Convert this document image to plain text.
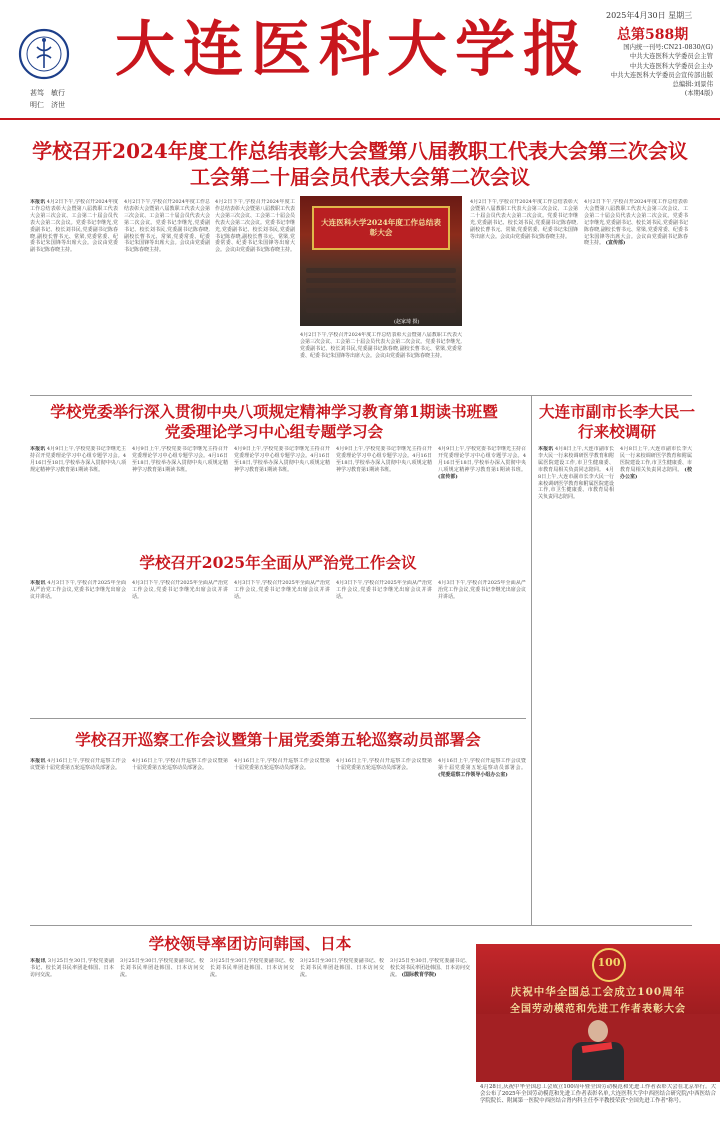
甚笃　敏行
明仁　济世
大连医科大学报 2025年4月30日 星期三
总第588期
国内统一刊号:CN21-0830/(G)
中共大连医科大学委员会主管
中共大连医科大学委员会主办
中共大连医科大学委员会宣传部出版
总编辑:刘景伟
(本期4版)
学校召开2024年度工作总结表彰大会暨第八届教职工代表大会第三次会议 工会第二十届会员代表大会第二次会议
本报讯 4月2日下午,学校召开2024年度工作总结表彰大会暨第八届教职工代表大会第三次会议、工会第二十届会员代表大会第二次会议。党委书记李继光,党委副书记、校长刘书民,党委副书记陈春晓,副校长曹书元、常梁,党委常委、纪委书记朱国锋等出席大会。会议由党委副书记陈春晓主持。
4月2日下午,学校召开2024年度工作总结表彰大会暨第八届教职工代表大会第三次会议、工会第二十届会员代表大会第二次会议。党委书记李继光,党委副书记、校长刘书民,党委副书记陈春晓,副校长曹书元、常梁,党委常委、纪委书记朱国锋等出席大会。会议由党委副书记陈春晓主持。
4月2日下午,学校召开2024年度工作总结表彰大会暨第八届教职工代表大会第三次会议、工会第二十届会员代表大会第二次会议。党委书记李继光,党委副书记、校长刘书民,党委副书记陈春晓,副校长曹书元、常梁,党委常委、纪委书记朱国锋等出席大会。会议由党委副书记陈春晓主持。
大连医科大学2024年度工作总结表彰大会
(赵家琦 摄)
4月2日下午,学校召开2024年度工作总结表彰大会暨第八届教职工代表大会第三次会议、工会第二十届会员代表大会第二次会议。党委书记李继光,党委副书记、校长刘书民,党委副书记陈春晓,副校长曹书元、常梁,党委常委、纪委书记朱国锋等出席大会。会议由党委副书记陈春晓主持。
4月2日下午,学校召开2024年度工作总结表彰大会暨第八届教职工代表大会第三次会议、工会第二十届会员代表大会第二次会议。党委书记李继光,党委副书记、校长刘书民,党委副书记陈春晓,副校长曹书元、常梁,党委常委、纪委书记朱国锋等出席大会。会议由党委副书记陈春晓主持。
4月2日下午,学校召开2024年度工作总结表彰大会暨第八届教职工代表大会第三次会议、工会第二十届会员代表大会第二次会议。党委书记李继光,党委副书记、校长刘书民,党委副书记陈春晓,副校长曹书元、常梁,党委常委、纪委书记朱国锋等出席大会。会议由党委副书记陈春晓主持。 (宣传部)
学校党委举行深入贯彻中央八项规定精神学习教育第1期读书班暨党委理论学习中心组专题学习会
本报讯 4月9日上午,学校党委书记李继光主持召开党委理论学习中心组专题学习会。4月16日至18日,学校举办深入贯彻中央八项规定精神学习教育第1期读书班。
4月9日上午,学校党委书记李继光主持召开党委理论学习中心组专题学习会。4月16日至18日,学校举办深入贯彻中央八项规定精神学习教育第1期读书班。
4月9日上午,学校党委书记李继光主持召开党委理论学习中心组专题学习会。4月16日至18日,学校举办深入贯彻中央八项规定精神学习教育第1期读书班。
4月9日上午,学校党委书记李继光主持召开党委理论学习中心组专题学习会。4月16日至18日,学校举办深入贯彻中央八项规定精神学习教育第1期读书班。
4月9日上午,学校党委书记李继光主持召开党委理论学习中心组专题学习会。4月16日至18日,学校举办深入贯彻中央八项规定精神学习教育第1期读书班。 (宣传部)
大连市副市长李大民一行来校调研
本报讯 4月8日上午,大连市副市长李大民一行来校调研医学教育和附属医院建设工作,市卫生健康委、市教育局相关负责同志陪同。 4月8日上午,大连市副市长李大民一行来校调研医学教育和附属医院建设工作,市卫生健康委、市教育局相关负责同志陪同。
4月8日上午,大连市副市长李大民一行来校调研医学教育和附属医院建设工作,市卫生健康委、市教育局相关负责同志陪同。 (校办公室)
学校召开2025年全面从严治党工作会议
本报讯 4月3日下午,学校召开2025年全面从严治党工作会议,党委书记李继光出席会议并讲话。
4月3日下午,学校召开2025年全面从严治党工作会议,党委书记李继光出席会议并讲话。
4月3日下午,学校召开2025年全面从严治党工作会议,党委书记李继光出席会议并讲话。
4月3日下午,学校召开2025年全面从严治党工作会议,党委书记李继光出席会议并讲话。
4月3日下午,学校召开2025年全面从严治党工作会议,党委书记李继光出席会议并讲话。
学校召开巡察工作会议暨第十届党委第五轮巡察动员部署会
本报讯 4月16日上午,学校召开巡察工作会议暨第十届党委第五轮巡察动员部署会。
4月16日上午,学校召开巡察工作会议暨第十届党委第五轮巡察动员部署会。
4月16日上午,学校召开巡察工作会议暨第十届党委第五轮巡察动员部署会。
4月16日上午,学校召开巡察工作会议暨第十届党委第五轮巡察动员部署会。
4月16日上午,学校召开巡察工作会议暨第十届党委第五轮巡察动员部署会。 (党委巡察工作领导小组办公室)
学校领导率团访问韩国、日本
本报讯 3月25日至30日,学校党委副书记、校长刘书民率团赴韩国、日本访问交流。
3月25日至30日,学校党委副书记、校长刘书民率团赴韩国、日本访问交流。
3月25日至30日,学校党委副书记、校长刘书民率团赴韩国、日本访问交流。
3月25日至30日,学校党委副书记、校长刘书民率团赴韩国、日本访问交流。
3月25日至30日,学校党委副书记、校长刘书民率团赴韩国、日本访问交流。 (国际教育学院)
100
庆祝中华全国总工会成立100周年
全国劳动模范和先进工作者表彰大会
4月28日,庆祝中华全国总工会成立100周年暨全国劳动模范和先进工作者表彰大会在北京举行。大会公布了2025年全国劳动模范和先进工作者表彰名单,大连医科大学中西医结合研究院/中西医结合学院院长、附属第一医院中西医结合肾内科主任李平教授荣获"全国先进工作者"称号。
